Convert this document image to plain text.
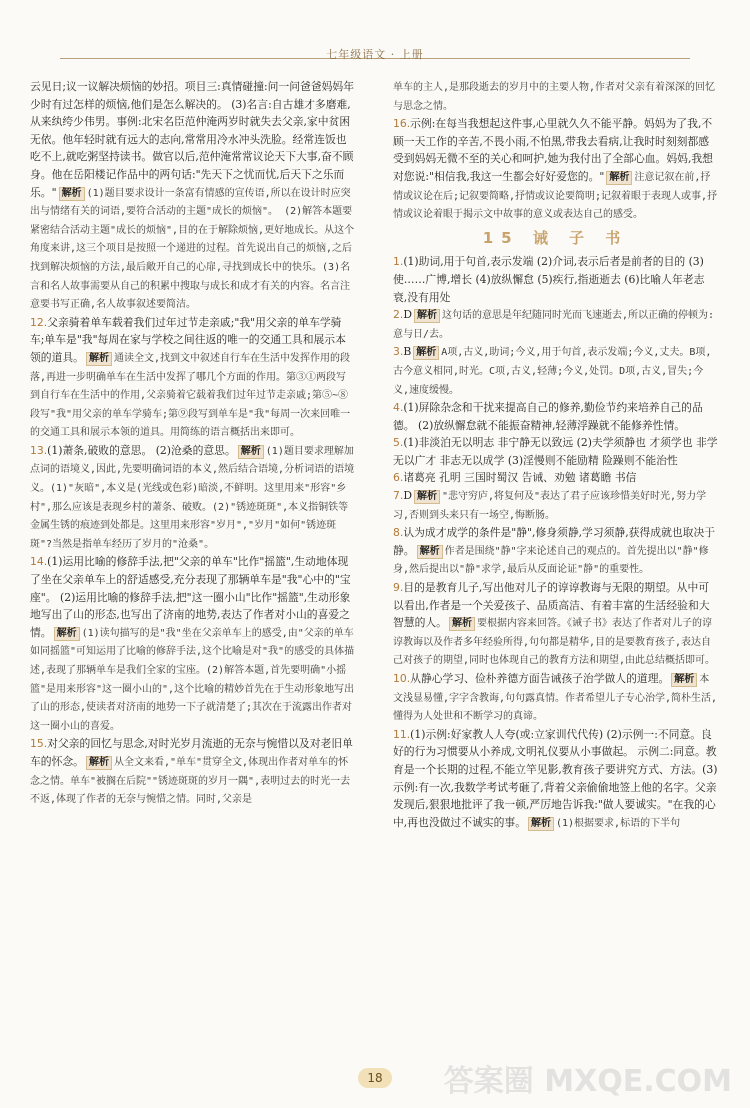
七年级语文 · 上册

云见日;议一议解决烦恼的妙招。项目三:真情碰撞:问一问爸爸妈妈年少时有过怎样的烦恼,他们是怎么解决的。 (3)名言:自古雄才多磨难,从来纨绔少伟男。事例:北宋名臣范仲淹两岁时就失去父亲,家中贫困无依。他年轻时就有远大的志向,常常用冷水冲头洗脸。经常连饭也吃不上,就吃粥坚持读书。做官以后,范仲淹常常议论天下大事,奋不顾身。他在岳阳楼记作品中的两句话:"先天下之忧而忧,后天下之乐而乐。" 解析 (1)题目要求设计一条富有情感的宣传语,所以在设计时应突出与情绪有关的词语,要符合活动的主题"成长的烦恼"。 (2)解答本题要紧密结合活动主题"成长的烦恼",目的在于解除烦恼,更好地成长。从这个角度来讲,这三个项目是按照一个递进的过程。首先说出自己的烦恼,之后找到解决烦恼的方法,最后敞开自己的心扉,寻找到成长中的快乐。(3)名言和名人故事需要从自己的积累中搜取与成长和成才有关的内容。名言注意要书写正确,名人故事叙述要简洁。

12.父亲骑着单车载着我们过年过节走亲戚;"我"用父亲的单车学骑车;单车是"我"每周在家与学校之间往返的唯一的交通工具和展示本领的道具。 解析 通读全文,找到文中叙述自行车在生活中发挥作用的段落,再进一步明确单车在生活中发挥了哪几个方面的作用。第③①两段写到自行车在生活中的作用,父亲骑着它载着我们过年过节走亲戚;第⑤~⑧段写"我"用父亲的单车学骑车;第⑨段写到单车是"我"每周一次来回唯一的交通工具和展示本领的道具。用简练的语言概括出来即可。

13.(1)萧条,破败的意思。 (2)沧桑的意思。 解析 (1)题目要求理解加点词的语境义,因此,先要明确词语的本义,然后结合语境,分析词语的语境义。(1)"灰暗",本义是(光线或色彩)暗淡,不鲜明。这里用来"形容"乡村",那么应该是表现乡村的萧条、破败。(2)"锈迹斑斑",本义指铜铁等金属生锈的痕迹到处都是。这里用来形容"岁月","岁月"如何"锈迹斑斑"?当然是指单车经历了岁月的"沧桑"。

14.(1)运用比喻的修辞手法,把"父亲的单车"比作"摇篮",生动地体现了坐在父亲单车上的舒适感受,充分表现了那辆单车是"我"心中的"宝座"。 (2)运用比喻的修辞手法,把"这一圈小山"比作"摇篮",生动形象地写出了山的形态,也写出了济南的地势,表达了作者对小山的喜爱之情。 解析 (1)读句描写的是"我"坐在父亲单车上的感受,由"父亲的单车如同摇篮"可知运用了比喻的修辞手法,这个比喻是对"我"的感受的具体描述,表现了那辆单车是我们全家的宝座。(2)解答本题,首先要明确"小摇篮"是用来形容"这一圈小山的",这个比喻的精妙首先在于生动形象地写出了山的形态,使读者对济南的地势一下子就清楚了;其次在于流露出作者对这一圈小山的喜爱。

15.对父亲的回忆与思念,对时光岁月流逝的无奈与惋惜以及对老旧单车的怀念。 解析 从全文来看,"单车"贯穿全文,体现出作者对单车的怀念之情。单车"被搁在后院""锈迹斑斑的岁月一隅",表明过去的时光一去不返,体现了作者的无奈与惋惜之情。同时,父亲是

单车的主人,是那段逝去的岁月中的主要人物,作者对父亲有着深深的回忆与思念之情。

16.示例:在每当我想起这件事,心里就久久不能平静。妈妈为了我,不顾一天工作的辛苦,不畏小雨,不怕黑,带我去看病,让我时时刻刻都感受到妈妈无微不至的关心和呵护,她为我付出了全部心血。妈妈,我想对您说:"相信我,我这一生都会好好爱您的。" 解析 注意记叙在前,抒情或议论在后;记叙要简略,抒情或议论要简明;记叙着眼于表现人或事,抒情或议论着眼于揭示文中故事的意义或表达自己的感受。

15 诫 子 书

1.(1)助词,用于句首,表示发端 (2)介词,表示后者是前者的目的 (3)使……广博,增长 (4)放纵懈怠 (5)疾行,指逝逝去 (6)比喻人年老志衰,没有用处

2.D 解析 这句话的意思是年纪随同时光而飞速逝去,所以正确的停顿为:意与日/去。

3.B 解析 A项,古义,助词;今义,用于句首,表示发端;今义,丈夫。B项,古今意义相同,时光。C项,古义,轻薄;今义,处罚。D项,古义,冒失;今义,速度缓慢。

4.(1)屏除杂念和干扰来提高自己的修养,勤俭节约来培养自己的品德。 (2)放纵懈怠就不能振奋精神,轻薄浮躁就不能修养性情。

5.(1)非淡泊无以明志 非宁静无以致远 (2)夫学须静也 才须学也 非学无以广才 非志无以成学 (3)淫慢则不能励精 险躁则不能治性

6.诸葛亮 孔明 三国时蜀汉 告诫、劝勉 诸葛瞻 书信

7.D 解析 "悲守穷庐,将复何及"表达了君子应该珍惜美好时光,努力学习,否则到头来只有一场空,悔断肠。

8.认为成才成学的条件是"静",修身须静,学习须静,获得成就也取决于静。 解析 作者是围绕"静"字来论述自己的观点的。首先提出以"静"修身,然后提出以"静"求学,最后从反面论证"静"的重要性。

9.目的是教育儿子,写出他对儿子的谆谆教诲与无限的期望。从中可以看出,作者是一个关爱孩子、品质高洁、有着丰富的生活经验和大智慧的人。 解析 要根据内容来回答。《诫子书》表达了作者对儿子的谆谆教诲以及作者多年经验所得,句句都是精华,目的是要教育孩子,表达自己对孩子的期望,同时也体现自己的教育方法和期望,由此总结概括即可。

10.从静心学习、俭朴养德方面告诫孩子治学做人的道理。 解析 本文浅显易懂,字字含教诲,句句露真情。作者希望儿子专心治学,简朴生活,懂得为人处世和不断学习的真谛。

11.(1)示例:好家教人人夸(或:立家训代代传) (2)示例一:不同意。良好的行为习惯要从小养成,文明礼仪要从小事做起。 示例二:同意。教育是一个长期的过程,不能立竿见影,教育孩子要讲究方式、方法。(3)示例:有一次,我数学考试考砸了,背着父亲偷偷地签上他的名字。父亲发现后,狠狠地批评了我一顿,严厉地告诉我:"做人要诚实。"在我的心中,再也没做过不诚实的事。 解析 (1)根据要求,标语的下半句

18	答案圈 MXQE.COM
